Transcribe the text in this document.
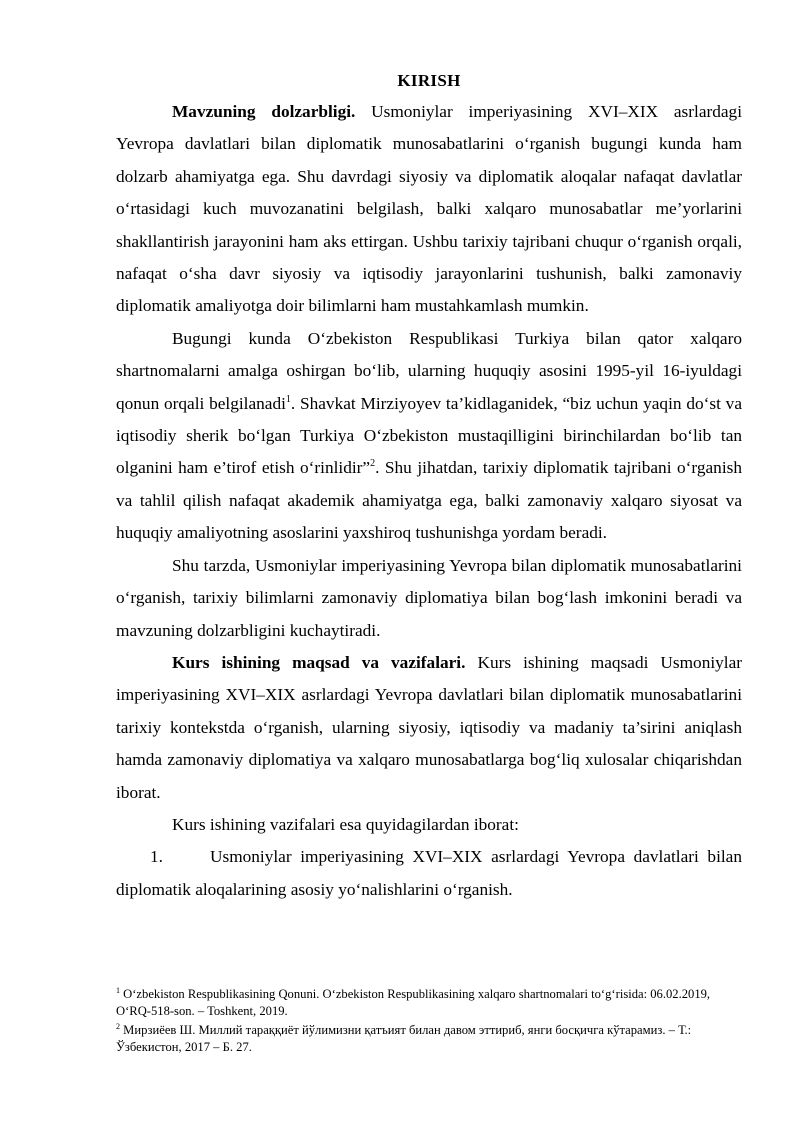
KIRISH

Mavzuning dolzarbligi. Usmoniylar imperiyasining XVI–XIX asrlardagi Yevropa davlatlari bilan diplomatik munosabatlarini o‘rganish bugungi kunda ham dolzarb ahamiyatga ega. Shu davrdagi siyosiy va diplomatik aloqalar nafaqat davlatlar o‘rtasidagi kuch muvozanatini belgilash, balki xalqaro munosabatlar me’yorlarini shakllantirish jarayonini ham aks ettirgan. Ushbu tarixiy tajribani chuqur o‘rganish orqali, nafaqat o‘sha davr siyosiy va iqtisodiy jarayonlarini tushunish, balki zamonaviy diplomatik amaliyotga doir bilimlarni ham mustahkamlash mumkin.

Bugungi kunda O‘zbekiston Respublikasi Turkiya bilan qator xalqaro shartnomalarni amalga oshirgan bo‘lib, ularning huquqiy asosini 1995-yil 16-iyuldagi qonun orqali belgilanadi$^1$. Shavkat Mirziyoyev ta’kidlaganidek, “biz uchun yaqin do‘st va iqtisodiy sherik bo‘lgan Turkiya O‘zbekiston mustaqilligini birinchilardan bo‘lib tan olganini ham e’tirof etish o‘rinlidir”$^2$. Shu jihatdan, tarixiy diplomatik tajribani o‘rganish va tahlil qilish nafaqat akademik ahamiyatga ega, balki zamonaviy xalqaro siyosat va huquqiy amaliyotning asoslarini yaxshiroq tushunishga yordam beradi.

Shu tarzda, Usmoniylar imperiyasining Yevropa bilan diplomatik munosabatlarini o‘rganish, tarixiy bilimlarni zamonaviy diplomatiya bilan bog‘lash imkonini beradi va mavzuning dolzarbligini kuchaytiradi.

Kurs ishining maqsad va vazifalari. Kurs ishining maqsadi Usmoniylar imperiyasining XVI–XIX asrlardagi Yevropa davlatlari bilan diplomatik munosabatlarini tarixiy kontekstda o‘rganish, ularning siyosiy, iqtisodiy va madaniy ta’sirini aniqlash hamda zamonaviy diplomatiya va xalqaro munosabatlarga bog‘liq xulosalar chiqarishdan iborat.

Kurs ishining vazifalari esa quyidagilardan iborat:

1.	Usmoniylar imperiyasining XVI–XIX asrlardagi Yevropa davlatlari bilan diplomatik aloqalarining asosiy yo‘nalishlarini o‘rganish.

$^1$ O‘zbekiston Respublikasining Qonuni. O‘zbekiston Respublikasining xalqaro shartnomalari to‘g‘risida: 06.02.2019, O‘RQ-518-son. – Toshkent, 2019.

$^2$ Мирзиёев Ш. Миллий тараққиёт йўлимизни қатъият билан давом эттириб, янги босқичга кўтарамиз. – Т.: Ўзбекистон, 2017 – Б. 27.
